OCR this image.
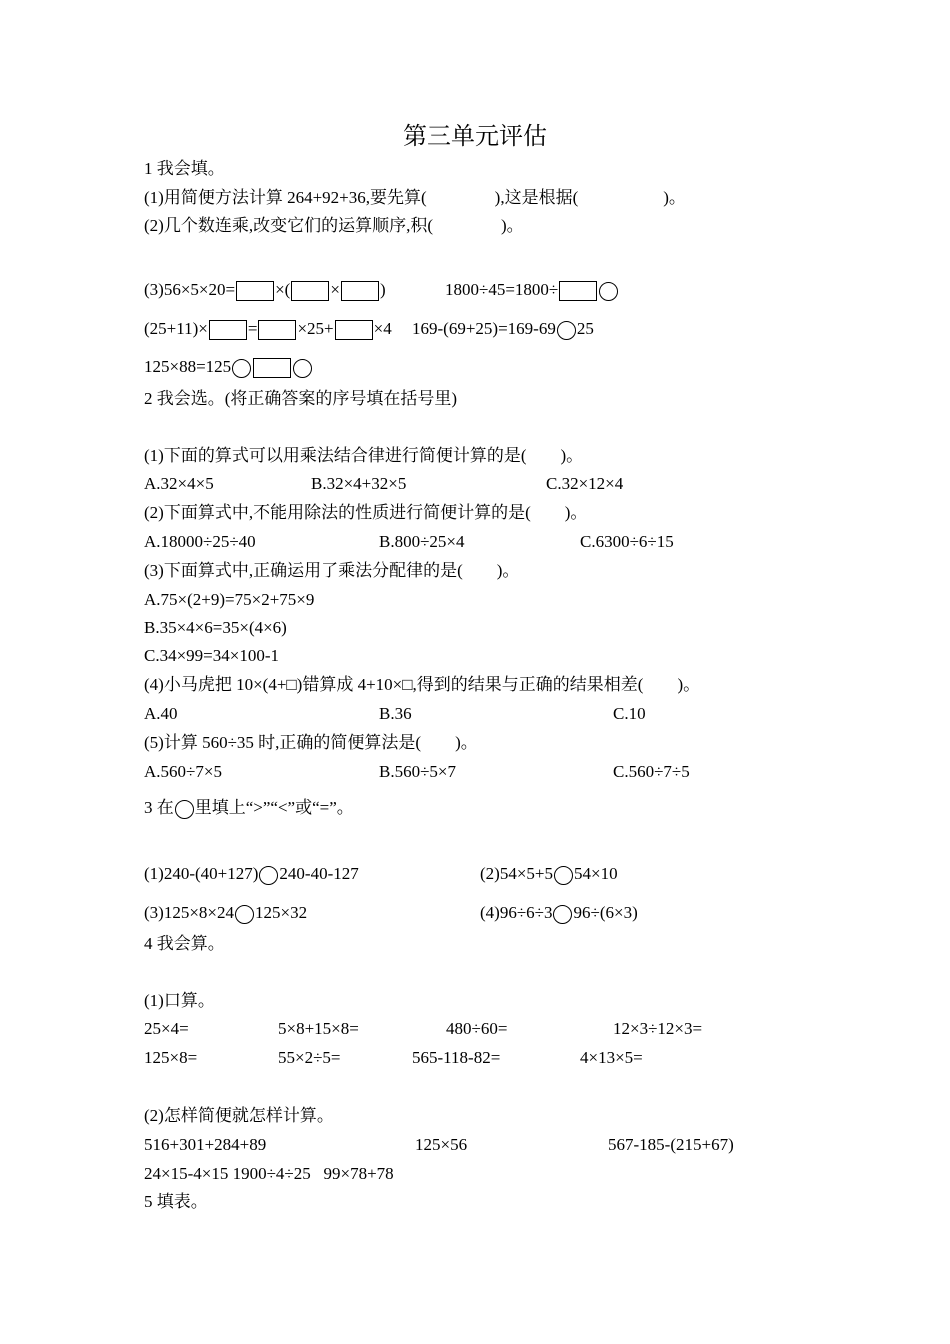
第三单元评估
1 我会填。
(1)用简便方法计算 264+92+36,要先算(                ),这是根据(                    )。
(2)几个数连乘,改变它们的运算顺序,积(                )。
(3)56×5×20= ×( × )	1800÷45=1800÷
(25+11)× = ×25+ ×4 169-(69+25)=169-69 25
125×88=125
2 我会选。(将正确答案的序号填在括号里)
(1)下面的算式可以用乘法结合律进行简便计算的是(        )。
A.32×4×5	B.32×4+32×5	C.32×12×4
(2)下面算式中,不能用除法的性质进行简便计算的是(        )。
A.18000÷25÷40	B.800÷25×4	C.6300÷6÷15
(3)下面算式中,正确运用了乘法分配律的是(        )。
A.75×(2+9)=75×2+75×9
B.35×4×6=35×(4×6)
C.34×99=34×100-1
(4)小马虎把 10×(4+□)错算成 4+10×□,得到的结果与正确的结果相差(        )。
A.40	B.36	C.10
(5)计算 560÷35 时,正确的简便算法是(        )。
A.560÷7×5	B.560÷5×7	C.560÷7÷5
3 在 里填上“>”“<”或“=”。
(1)240-(40+127) 240-40-127	(2)54×5+5 54×10
(3)125×8×24 125×32	(4)96÷6÷3 96÷(6×3)
4 我会算。
(1)口算。
25×4=	5×8+15×8=	480÷60=	12×3÷12×3=
125×8=	55×2÷5=	565-118-82=	4×13×5=
(2)怎样简便就怎样计算。
516+301+284+89	125×56	567-185-(215+67)
24×15-4×15 1900÷4÷25   99×78+78
5 填表。
